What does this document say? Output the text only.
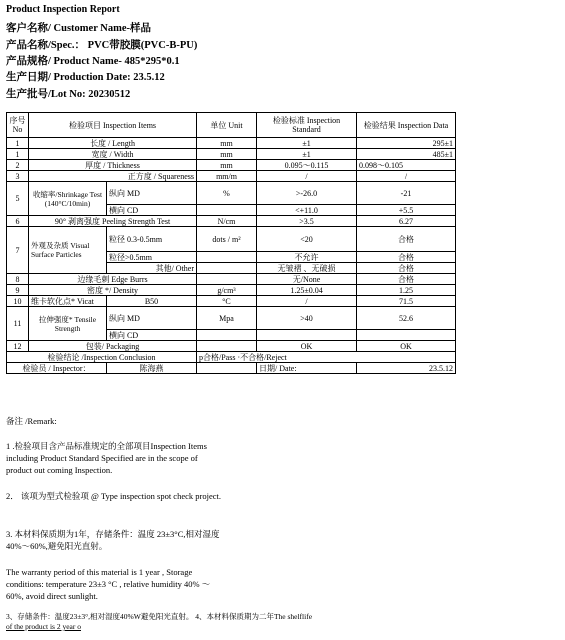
Product Inspection Report
客户名称/ Customer Name-样品
产品名称/Spec.： PVC带胶膜(PVC-B-PU)
产品规格/ Product Name- 485*295*0.1
生产日期/ Production Date: 23.5.12
生产批号/Lot No: 20230512
序号 No	检验项目 Inspection Items		单位 Unit	检验标准 Inspection Standard	检验结果 Inspection Data
1	长度 / Length		mm	±1	295±1
1	宽度 / Width		mm	±1	485±1
2	厚度 / Thickness		mm	0.095～0.115	0.098～0.105
3	正方度 / Squareness		mm/m	/	/
5	收缩率/Shrinkage Test (140°C/10min)	纵向 MD	%	>-26.0	-21
		横向 CD		<+11.0	+5.5
6	90° 剥离强度 Peeling Strength Test		N/cm	>3.5	6.27
7	外观及杂质 Visual Surface Particles	粒径 0.3-0.5mm	dots / m²	<20	合格
		粒径>0.5mm		不允许	合格
		其他/ Other		无皱褶 、无破损	合格
8	边缘毛刺 Edge Burrs			无/None	合格
9	密度 */ Density		g/cm³	1.25±0.04	1.25
10	维卡软化点* Vicat	B50	°C	/	71.5
11	拉伸强度* Tensile Strength	纵向 MD	Mpa	>40	52.6
		横向 CD			
12	包装/ Packaging			OK	OK
检验结论 /Inspection Conclusion			p合格/Pass ·不合格/Reject		
检验员 / Inspector：		陈海燕		日期/ Date:	23.5.12
备注 /Remark:
1 .检验项目含产品标准规定的全部项目Inspection Items including Product Standard Specified are in the scope of product out coming Inspection.
2． 该项为型式检验项 @ Type inspection spot check project.
3. 本材料保质期为1年，存储条件：温度 23±3°C,相对湿度40%～60%,避免阳光直射。
The warranty period of this material is 1 year , Storage conditions: temperature 23±3 °C , relative humidity 40% ～60%, avoid direct sunlight.
3、存储条件：温度23±3°,相对湿度40%W避免阳光直射。 4、本材料保质期为二年The shelflife
of the product is 2 year o
